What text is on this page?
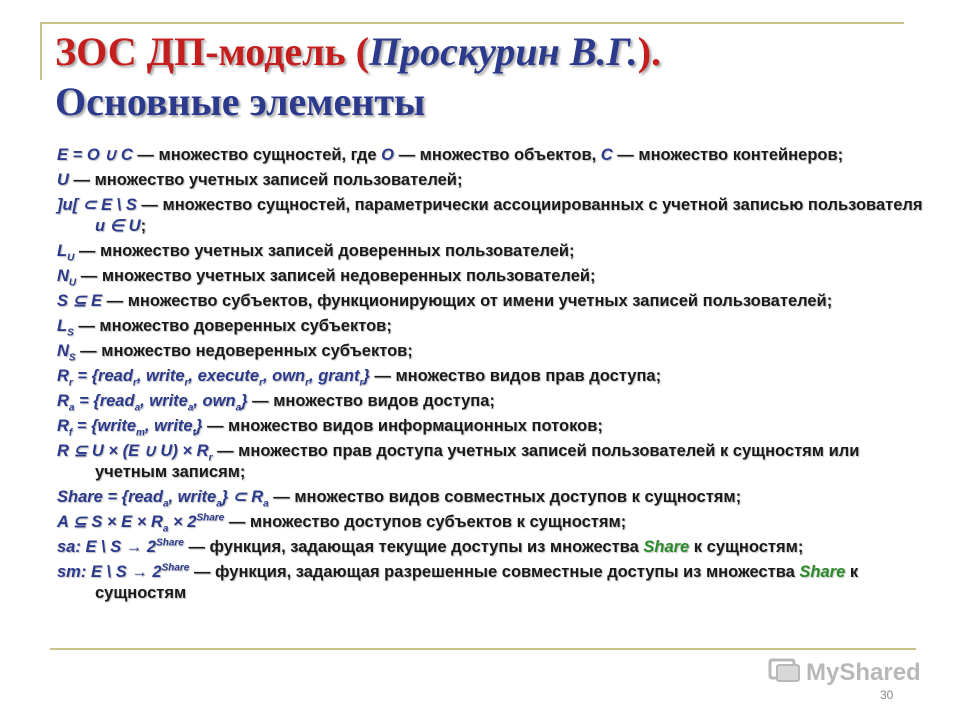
ЗОС ДП-модель (Проскурин В.Г.).
Основные элементы
E = O ∪ C — множество сущностей, где O — множество объектов, C — множество контейнеров;
U — множество учетных записей пользователей;
]u[ ⊂ E \ S — множество сущностей, параметрически ассоциированных с учетной записью пользователя u ∈ U;
$L_U$ — множество учетных записей доверенных пользователей;
$N_U$ — множество учетных записей недоверенных пользователей;
S ⊆ E — множество субъектов, функционирующих от имени учетных записей пользователей;
$L_S$ — множество доверенных субъектов;
$N_S$ — множество недоверенных субъектов;
$R_r$ = {read$_r$, write$_r$, execute$_r$, own$_r$, grant$_r$} — множество видов прав доступа;
$R_a$ = {read$_a$, write$_a$, own$_a$} — множество видов доступа;
$R_f$ = {write$_m$, write$_t$} — множество видов информационных потоков;
R ⊆ U × (E ∪ $U) \times R_r$ — множество прав доступа учетных записей пользователей к сущностям или учетным записям;
Share = {read$_a$, write$_a$} ⊂ $R_a$ — множество видов совместных доступов к сущностям;
A ⊆ $S \times E \times R_a \times 2^{Share}$ — множество доступов субъектов к сущностям;
sa: E \ $S \to 2^{Share}$ — функция, задающая текущие доступы из множества Share к сущностям;
sm: E \ $S \to 2^{Share}$ — функция, задающая разрешенные совместные доступы из множества Share к сущностям
MyShared
30
